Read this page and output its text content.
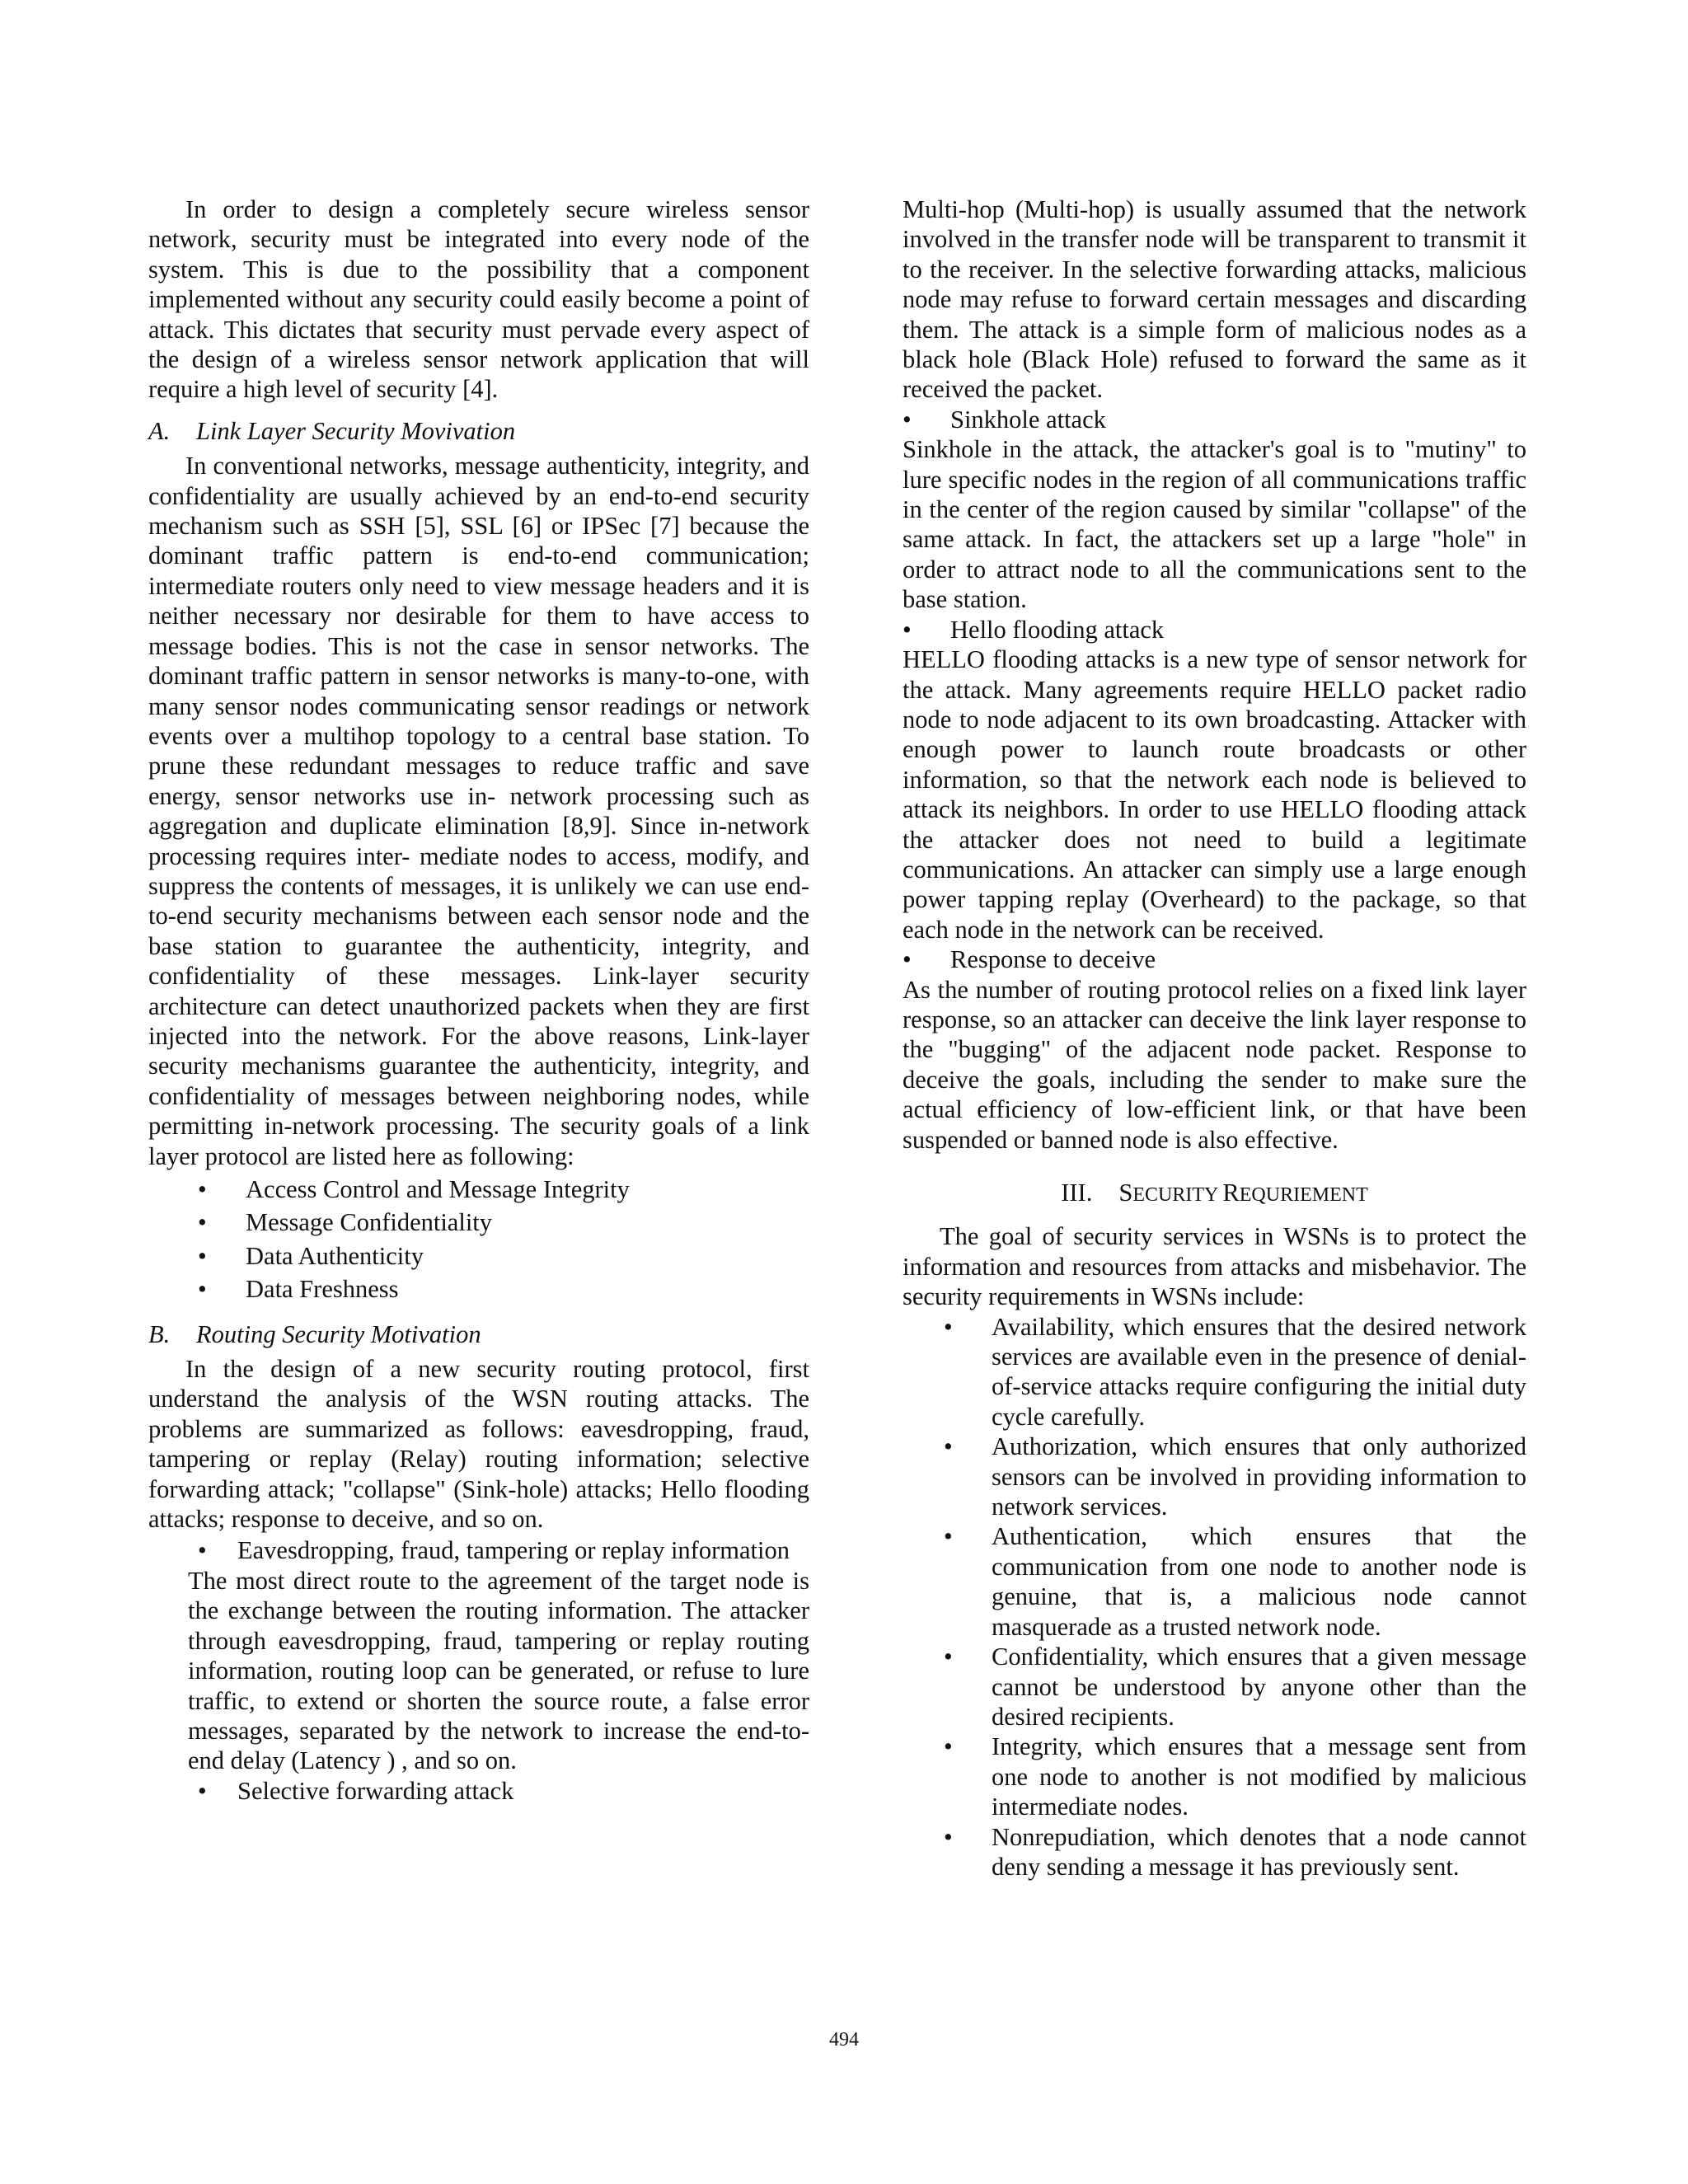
In order to design a completely secure wireless sensor network, security must be integrated into every node of the system. This is due to the possibility that a component implemented without any security could easily become a point of attack. This dictates that security must pervade every aspect of the design of a wireless sensor network application that will require a high level of security [4].

A.	Link Layer Security Movivation

In conventional networks, message authenticity, integrity, and confidentiality are usually achieved by an end-to-end security mechanism such as SSH [5], SSL [6] or IPSec [7] because the dominant traffic pattern is end-to-end communication; intermediate routers only need to view message headers and it is neither necessary nor desirable for them to have access to message bodies. This is not the case in sensor networks. The dominant traffic pattern in sensor networks is many-to-one, with many sensor nodes communicating sensor readings or network events over a multihop topology to a central base station. To prune these redundant messages to reduce traffic and save energy, sensor networks use in- network processing such as aggregation and duplicate elimination [8,9]. Since in-network processing requires inter- mediate nodes to access, modify, and suppress the contents of messages, it is unlikely we can use end-to-end security mechanisms between each sensor node and the base station to guarantee the authenticity, integrity, and confidentiality of these messages. Link-layer security architecture can detect unauthorized packets when they are first injected into the network. For the above reasons, Link-layer security mechanisms guarantee the authenticity, integrity, and confidentiality of messages between neighboring nodes, while permitting in-network processing. The security goals of a link layer protocol are listed here as following:

• Access Control and Message Integrity
• Message Confidentiality
• Data Authenticity
• Data Freshness
B.	Routing Security Motivation

In the design of a new security routing protocol, first understand the analysis of the WSN routing attacks. The problems are summarized as follows: eavesdropping, fraud, tampering or replay (Relay) routing information; selective forwarding attack; "collapse" (Sink-hole) attacks; Hello flooding attacks; response to deceive, and so on.

• Eavesdropping, fraud, tampering or replay information

The most direct route to the agreement of the target node is the exchange between the routing information. The attacker through eavesdropping, fraud, tampering or replay routing information, routing loop can be generated, or refuse to lure traffic, to extend or shorten the source route, a false error messages, separated by the network to increase the end-to-end delay (Latency ) , and so on.

• Selective forwarding attack

Multi-hop (Multi-hop) is usually assumed that the network involved in the transfer node will be transparent to transmit it to the receiver. In the selective forwarding attacks, malicious node may refuse to forward certain messages and discarding them. The attack is a simple form of malicious nodes as a black hole (Black Hole) refused to forward the same as it received the packet.

• Sinkhole attack

Sinkhole in the attack, the attacker's goal is to "mutiny" to lure specific nodes in the region of all communications traffic in the center of the region caused by similar "collapse" of the same attack. In fact, the attackers set up a large "hole" in order to attract node to all the communications sent to the base station.

• Hello flooding attack

HELLO flooding attacks is a new type of sensor network for the attack. Many agreements require HELLO packet radio node to node adjacent to its own broadcasting. Attacker with enough power to launch route broadcasts or other information, so that the network each node is believed to attack its neighbors. In order to use HELLO flooding attack the attacker does not need to build a legitimate communications. An attacker can simply use a large enough power tapping replay (Overheard) to the package, so that each node in the network can be received.

• Response to deceive

As the number of routing protocol relies on a fixed link layer response, so an attacker can deceive the link layer response to the "bugging" of the adjacent node packet. Response to deceive the goals, including the sender to make sure the actual efficiency of low-efficient link, or that have been suspended or banned node is also effective.

III. SECURITY REQURIEMENT

The goal of security services in WSNs is to protect the information and resources from attacks and misbehavior. The security requirements in WSNs include:

• Availability, which ensures that the desired network services are available even in the presence of denial-of-service attacks require configuring the initial duty cycle carefully.
• Authorization, which ensures that only authorized sensors can be involved in providing information to network services.
• Authentication, which ensures that the communication from one node to another node is genuine, that is, a malicious node cannot masquerade as a trusted network node.
• Confidentiality, which ensures that a given message cannot be understood by anyone other than the desired recipients.
• Integrity, which ensures that a message sent from one node to another is not modified by malicious intermediate nodes.
• Nonrepudiation, which denotes that a node cannot deny sending a message it has previously sent.
494
